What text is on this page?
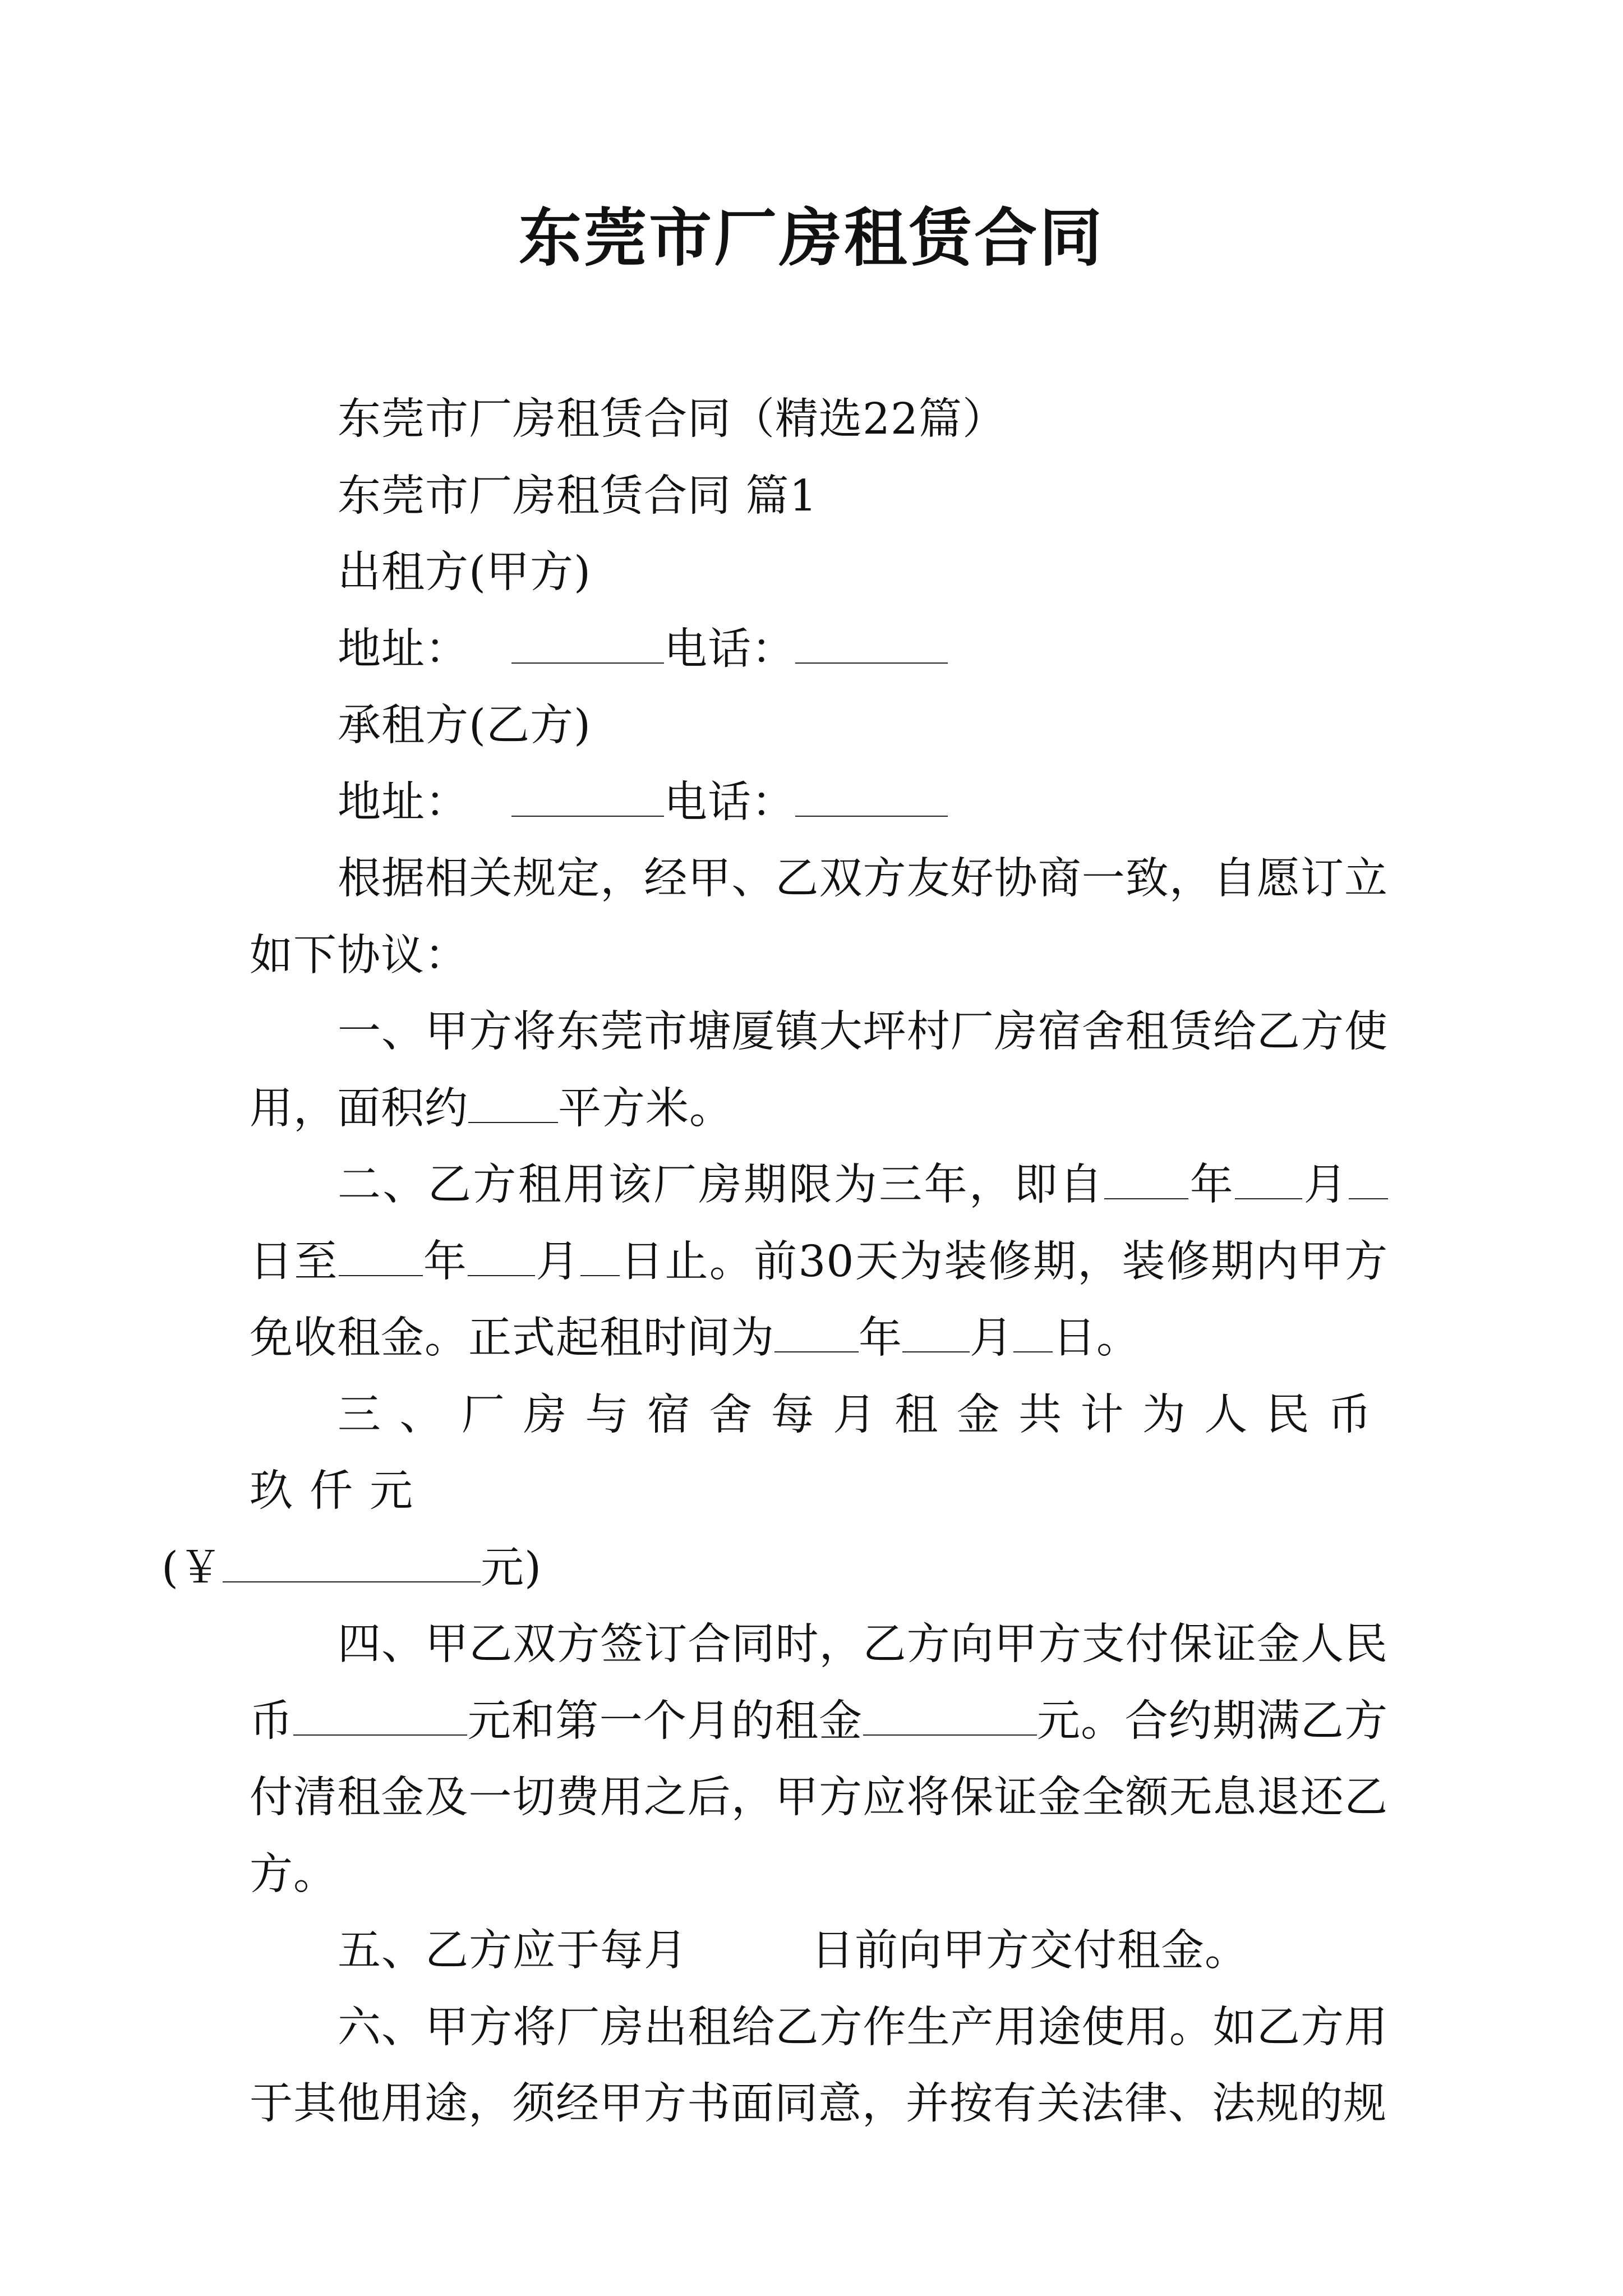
东莞市厂房租赁合同
东莞市厂房租赁合同（精选22篇）
东莞市厂房租赁合同 篇1
出租方(甲方)
地址：	电话：
承租方(乙方)
地址：	电话：
根据相关规定，经甲、乙双方友好协商一致，自愿订立如下协议：
一、甲方将东莞市塘厦镇大坪村厂房宿舍租赁给乙方使用，面积约 平方米。
二、乙方租用该厂房期限为三年，即自 年 月日至 年 月 日止。前30天为装修期，装修期内甲方免收租金。正式起租时间为 年 月 日。
三、厂房与宿舍每月租金共计为人民币玖仟元
(￥	元)
四、甲乙双方签订合同时，乙方向甲方支付保证金人民币	元和第一个月的租金	元。合约期满乙方付清租金及一切费用之后，甲方应将保证金全额无息退还乙方。
五、乙方应于每月	日前向甲方交付租金。
六、甲方将厂房出租给乙方作生产用途使用。如乙方用于其他用途，须经甲方书面同意，并按有关法律、法规的规
